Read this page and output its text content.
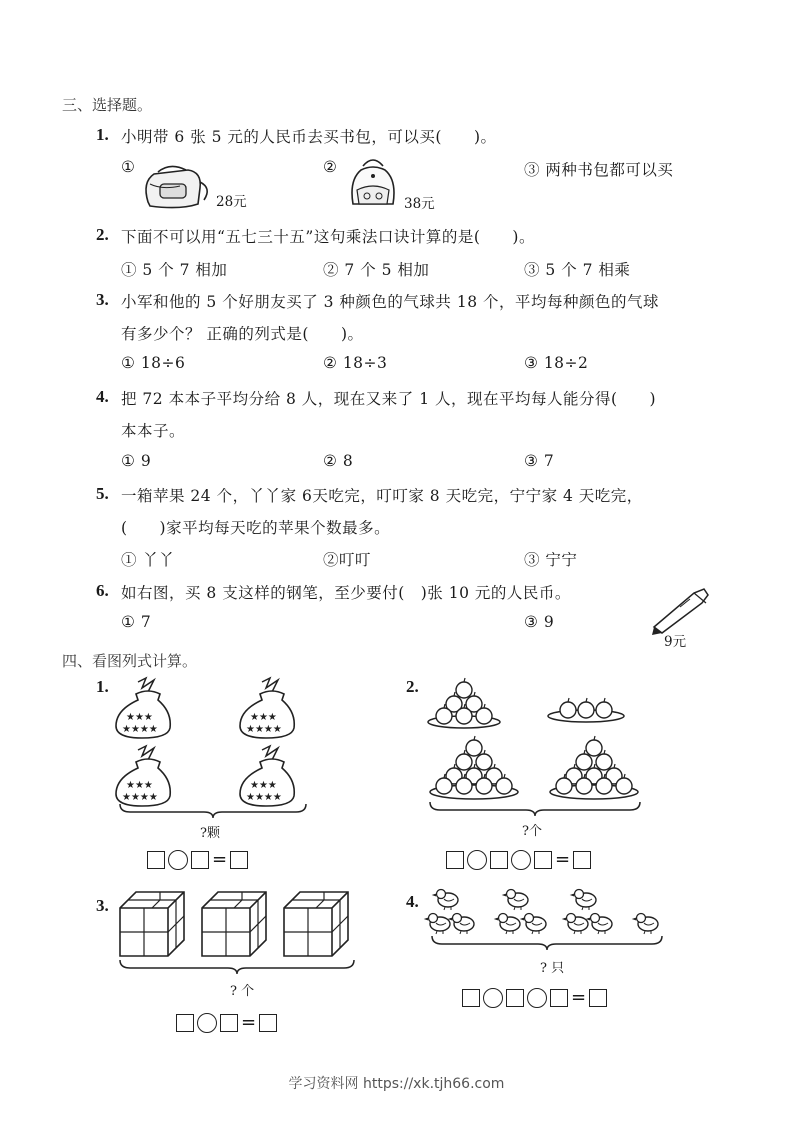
三、选择题。
1. 小明带 6 张 5 元的人民币去买书包，可以买(　　)。
①
28元
②
38元
③ 两种书包都可以买
2. 下面不可以用“五七三十五”这句乘法口诀计算的是(　　)。
① 5 个 7 相加	② 7 个 5 相加	③ 5 个 7 相乘
3. 小军和他的 5 个好朋友买了 3 种颜色的气球共 18 个，平均每种颜色的气球
有多少个？ 正确的列式是(　　)。
① 18÷6	② 18÷3	③ 18÷2
4. 把 72 本本子平均分给 8 人，现在又来了 1 人，现在平均每人能分得(　　)
本本子。
① 9	② 8	③ 7
5. 一箱苹果 24 个，丫丫家 6天吃完，叮叮家 8 天吃完，宁宁家 4 天吃完，
(　　)家平均每天吃的苹果个数最多。
① 丫丫	②叮叮	③ 宁宁
6. 如右图，买 8 支这样的钢笔，至少要付(　)张 10 元的人民币。
① 7	③ 9
9元
四、看图列式计算。
1.
★★★
★★★★
?颗
=
2.
?个
=
3.
? 个
=
4.
? 只
=
学习资料网 https://xk.tjh66.com
